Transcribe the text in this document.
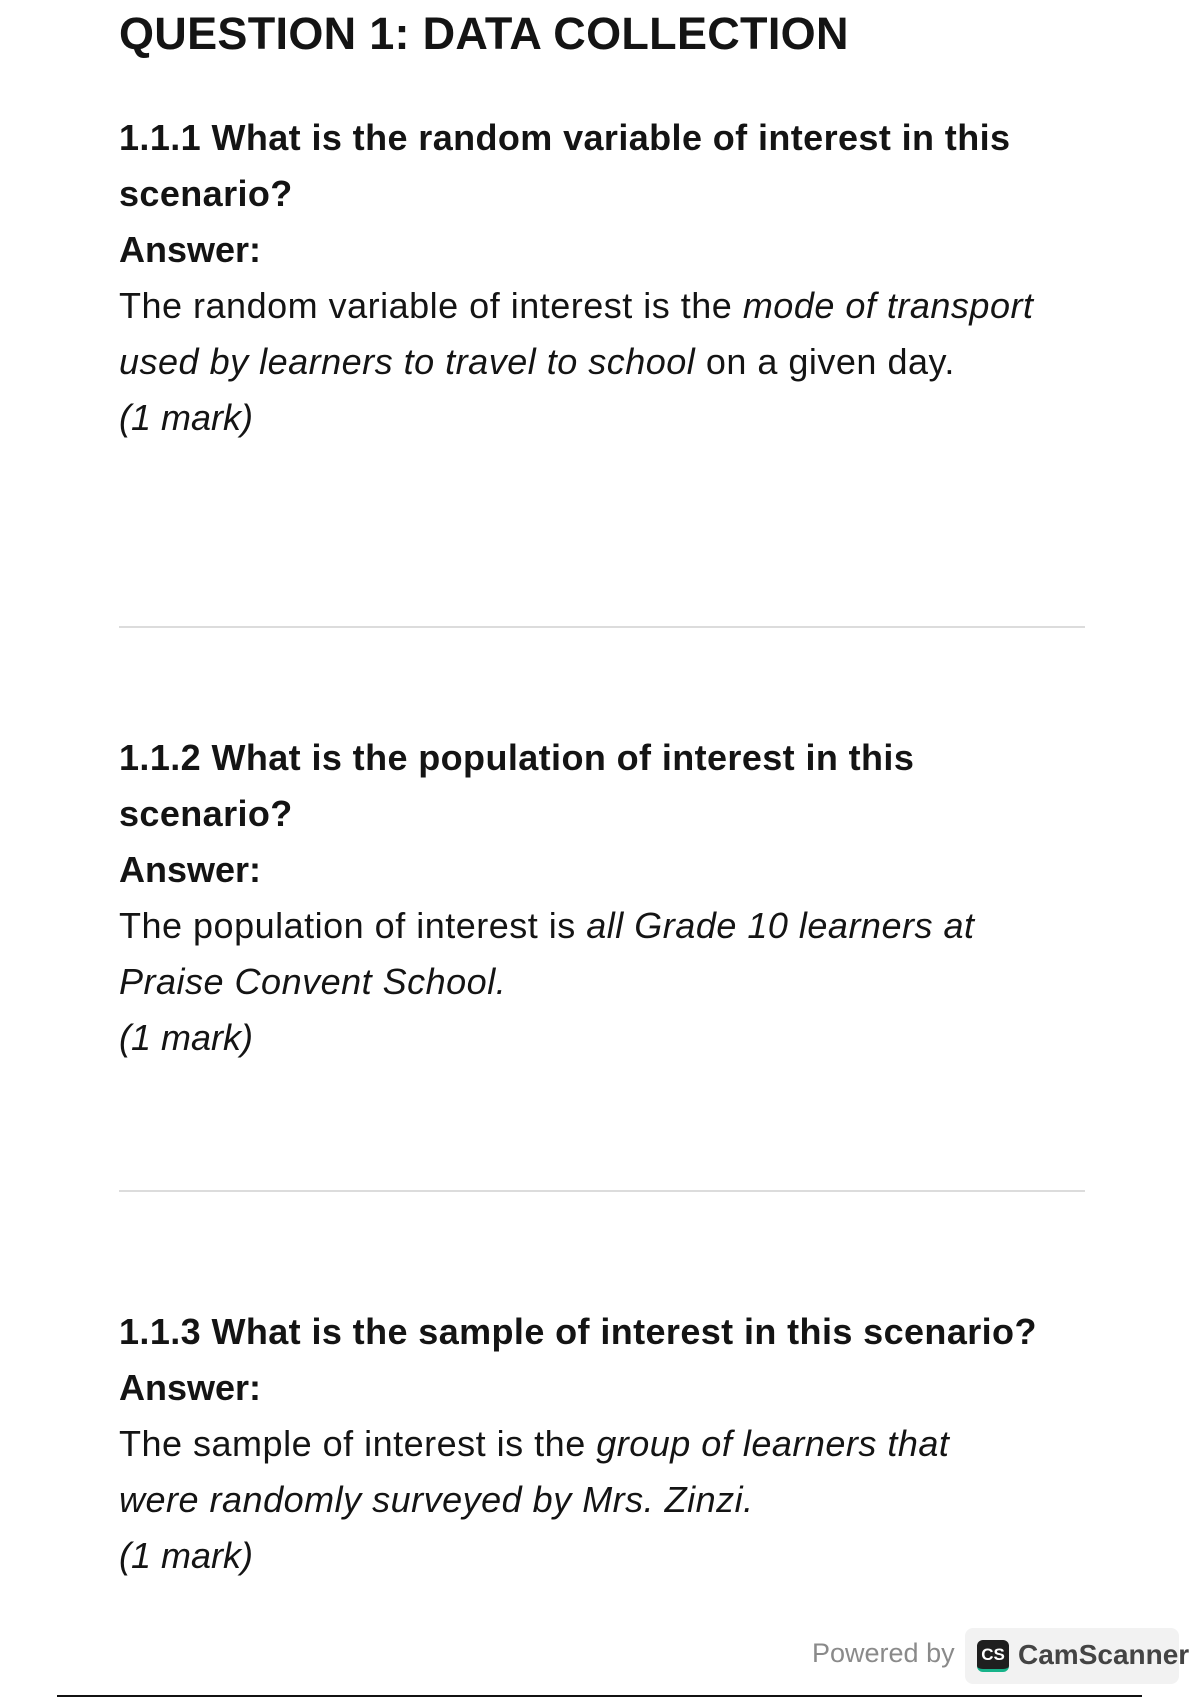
QUESTION 1: DATA COLLECTION

1.1.1 What is the random variable of interest in this scenario?

Answer:

The random variable of interest is the mode of transport used by learners to travel to school on a given day.

(1 mark)

1.1.2 What is the population of interest in this scenario?

Answer:

The population of interest is all Grade 10 learners at Praise Convent School.

(1 mark)

1.1.3 What is the sample of interest in this scenario?

Answer:

The sample of interest is the group of learners that were randomly surveyed by Mrs. Zinzi.

(1 mark)

Powered by CS CamScanner
